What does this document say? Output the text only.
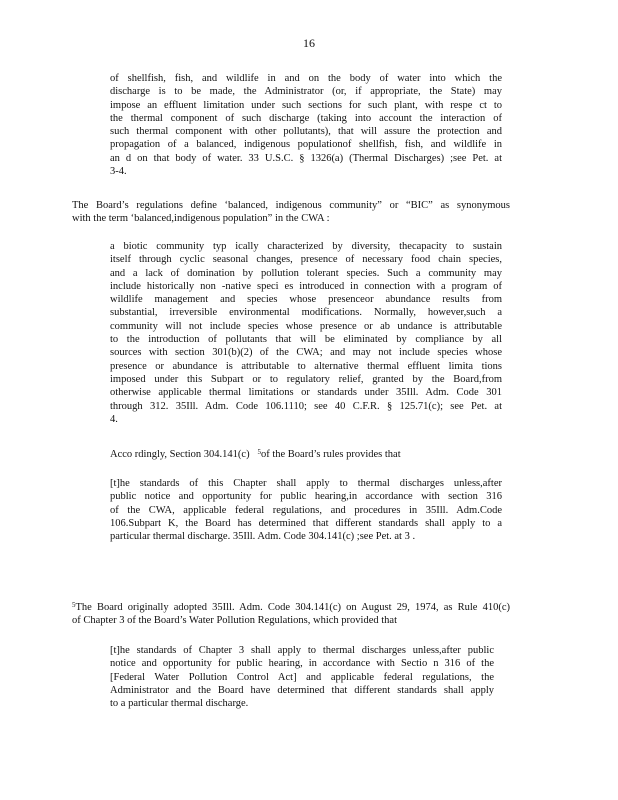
16
of shellfish, fish, and wildlife in and on the body of water into which the
discharge is to be made, the Administrator (or, if appropriate, the State) may
impose an effluent limitation under such sections for such plant, with respe ct to
the thermal component of such discharge (taking into account the interaction of
such thermal component with other pollutants), that will assure the protection and
propagation of a balanced, indigenous populationof shellfish, fish, and wildlife in
an d on that body of water. 33 U.S.C. § 1326(a) (Thermal Discharges) ;see Pet. at
3-4.
The Board’s regulations define ‘balanced, indigenous community” or “BIC” as synonymous
with the term ‘balanced,indigenous population” in the CWA :
a biotic community typ ically characterized by diversity, thecapacity to sustain
itself through cyclic seasonal changes, presence of necessary food chain species,
and a lack of domination by pollution tolerant species. Such a community may
include historically non -native speci es introduced in connection with a program of
wildlife management and species whose presenceor abundance results from
substantial, irreversible environmental modifications. Normally, however,such a
community will not include species whose presence or ab undance is attributable
to the introduction of pollutants that will be eliminated by compliance by all
sources with section 301(b)(2) of the CWA; and may not include species whose
presence or abundance is attributable to alternative thermal effluent limita tions
imposed under this Subpart or to regulatory relief, granted by the Board,from
otherwise applicable thermal limitations or standards under 35Ill. Adm. Code 301
through 312. 35Ill. Adm. Code 106.1110; see 40 C.F.R. § 125.71(c); see Pet. at
4.
Acco rdingly, Section 304.141(c) $^5$of the Board’s rules provides that
[t]he standards of this Chapter shall apply to thermal discharges unless,after
public notice and opportunity for public hearing,in accordance with section 316
of the CWA, applicable federal regulations, and procedures in 35Ill. Adm.Code
106.Subpart K, the Board has determined that different standards shall apply to a
particular thermal discharge. 35Ill. Adm. Code 304.141(c) ;see Pet. at 3 .
$^5$The Board originally adopted 35Ill. Adm. Code 304.141(c) on August 29, 1974, as Rule 410(c)
of Chapter 3 of the Board’s Water Pollution Regulations, which provided that
[t]he standards of Chapter 3 shall apply to thermal discharges unless,after public
notice and opportunity for public hearing, in accordance with Sectio n 316 of the
[Federal Water Pollution Control Act] and applicable federal regulations, the
Administrator and the Board have determined that different standards shall apply
to a particular thermal discharge.
